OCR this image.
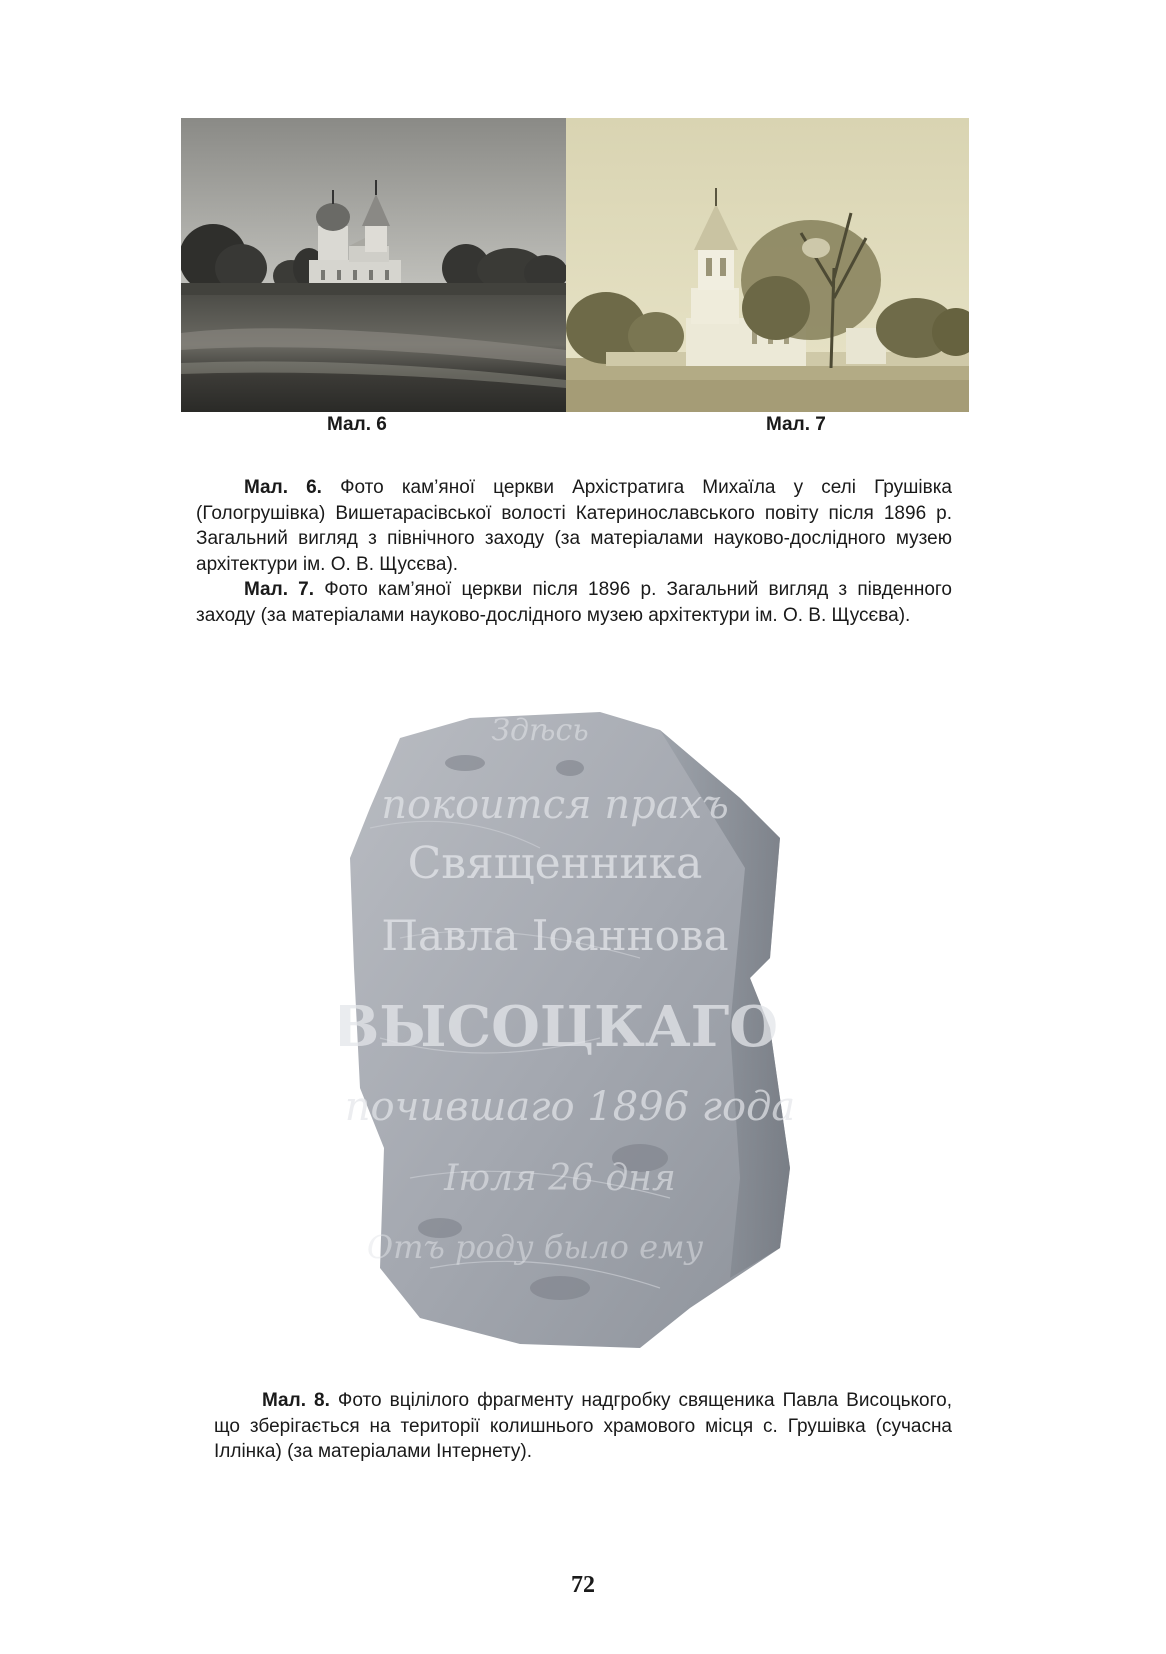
Мал. 6	Мал. 7

Мал. 6. Фото кам’яної церкви Архістратига Михаїла у селі Грушівка (Гологрушівка) Вишетарасівської волості Катеринославського повіту після 1896 р. Загальний вигляд з північного заходу (за матеріалами науково-дослідного музею архітектури ім. О. В. Щусєва).

Мал. 7. Фото кам’яної церкви після 1896 р. Загальний вигляд з південного заходу (за матеріалами науково-дослідного музею архітектури ім. О. В. Щусєва).

Здѣсь
покоится прахъ
Священника
Павла Іоаннова
ВЫСОЦКАГО
почившаго 1896 года
Іюля 26 дня
Отъ роду было ему

Мал. 8. Фото вцілілого фрагменту надгробку священика Павла Висоцького, що зберігається на території колишнього храмового місця с. Грушівка (сучасна Іллінка) (за матеріалами Інтернету).

72
